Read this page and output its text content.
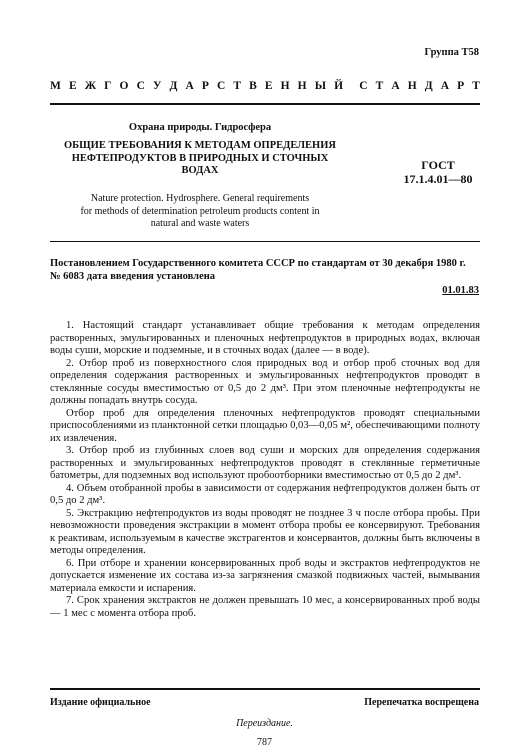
Группа Т58
М Е Ж Г О С У Д А Р С Т В Е Н Н Ы Й С Т А Н Д А Р Т
Охрана природы. Гидросфера
ОБЩИЕ ТРЕБОВАНИЯ К МЕТОДАМ ОПРЕДЕЛЕНИЯ
НЕФТЕПРОДУКТОВ В ПРИРОДНЫХ И СТОЧНЫХ
ВОДАХ	ГОСТ
17.1.4.01—80
Nature protection. Hydrosphere. General requirements
for methods of determination petroleum products content in
natural and waste waters
Постановлением Государственного комитета СССР по стандартам от 30 декабря 1980 г.
№ 6083 дата введения установлена
01.01.83

1. Настоящий стандарт устанавливает общие требования к методам определения растворенных, эмульгированных и пленочных нефтепродуктов в природных водах, включая воды суши, морские и подземные, и в сточных водах (далее — в воде).

2. Отбор проб из поверхностного слоя природных вод и отбор проб сточных вод для определения содержания растворенных и эмульгированных нефтепродуктов проводят в стеклянные сосуды вместимостью от 0,5 до 2 дм³. При этом пленочные нефтепродукты не должны попадать внутрь сосуда.

Отбор проб для определения пленочных нефтепродуктов проводят специальными приспособлениями из планктонной сетки площадью 0,03—0,05 м², обеспечивающими полноту их извлечения.

3. Отбор проб из глубинных слоев вод суши и морских для определения содержания растворенных и эмульгированных нефтепродуктов проводят в стеклянные герметичные батометры, для подземных вод используют пробоотборники вместимостью от 0,5 до 2 дм³.

4. Объем отобранной пробы в зависимости от содержания нефтепродуктов должен быть от 0,5 до 2 дм³.

5. Экстракцию нефтепродуктов из воды проводят не позднее 3 ч после отбора пробы. При невозможности проведения экстракции в момент отбора пробы ее консервируют. Требования к реактивам, используемым в качестве экстрагентов и консервантов, должны быть включены в методы определения.

6. При отборе и хранении консервированных проб воды и экстрактов нефтепродуктов не допускается изменение их состава из-за загрязнения смазкой подвижных частей, вымывания материала емкости и испарения.

7. Срок хранения экстрактов не должен превышать 10 мес, а консервированных проб воды — 1 мес с момента отбора проб.

Издание официальное	Перепечатка воспрещена
Переиздание.
787
